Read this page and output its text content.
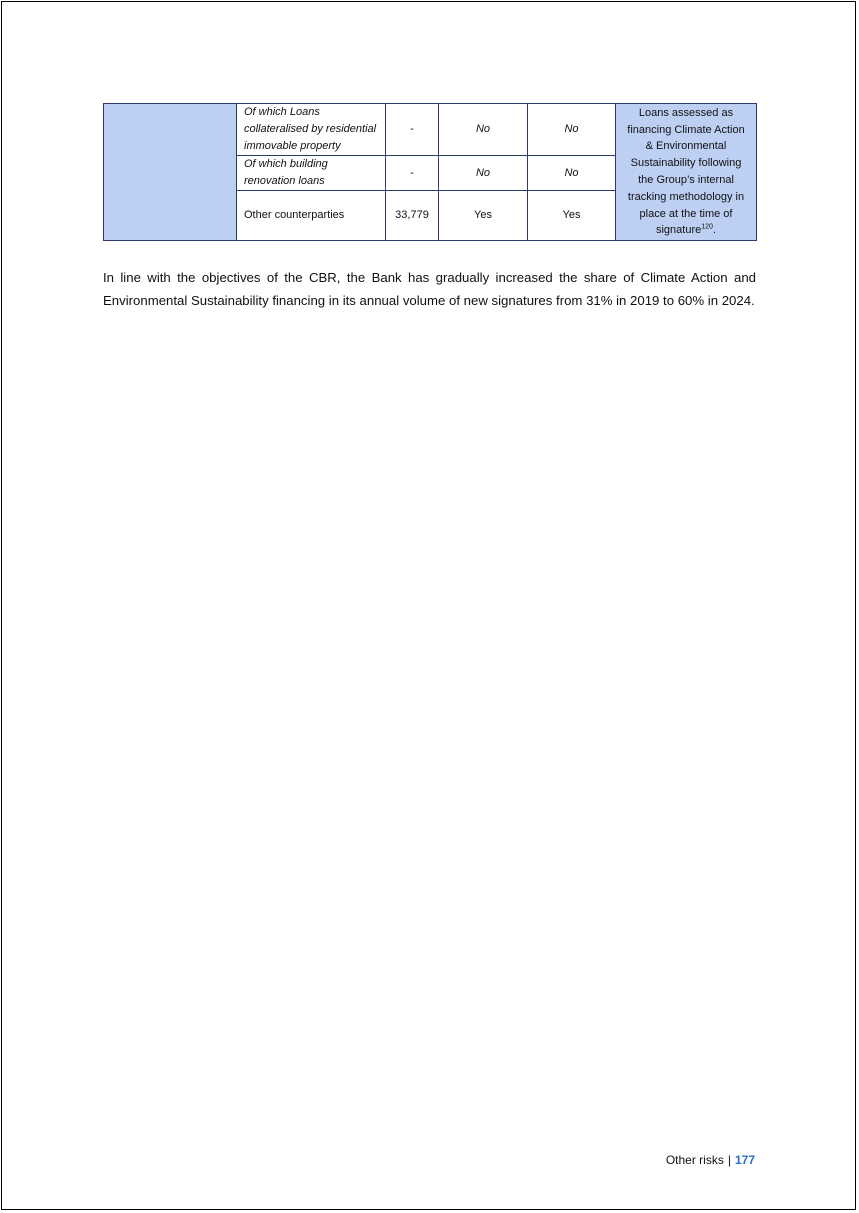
	Of which Loans collateralised by residential immovable property	-	No	No	Loans assessed as financing Climate Action & Environmental Sustainability following the Group’s internal tracking methodology in place at the time of signature$^{120}$.
	Of which building renovation loans	-	No	No	
	Other counterparties	33,779	Yes	Yes	

In line with the objectives of the CBR, the Bank has gradually increased the share of Climate Action and Environmental Sustainability financing in its annual volume of new signatures from 31% in 2019 to 60% in 2024.

Other risks | 177
